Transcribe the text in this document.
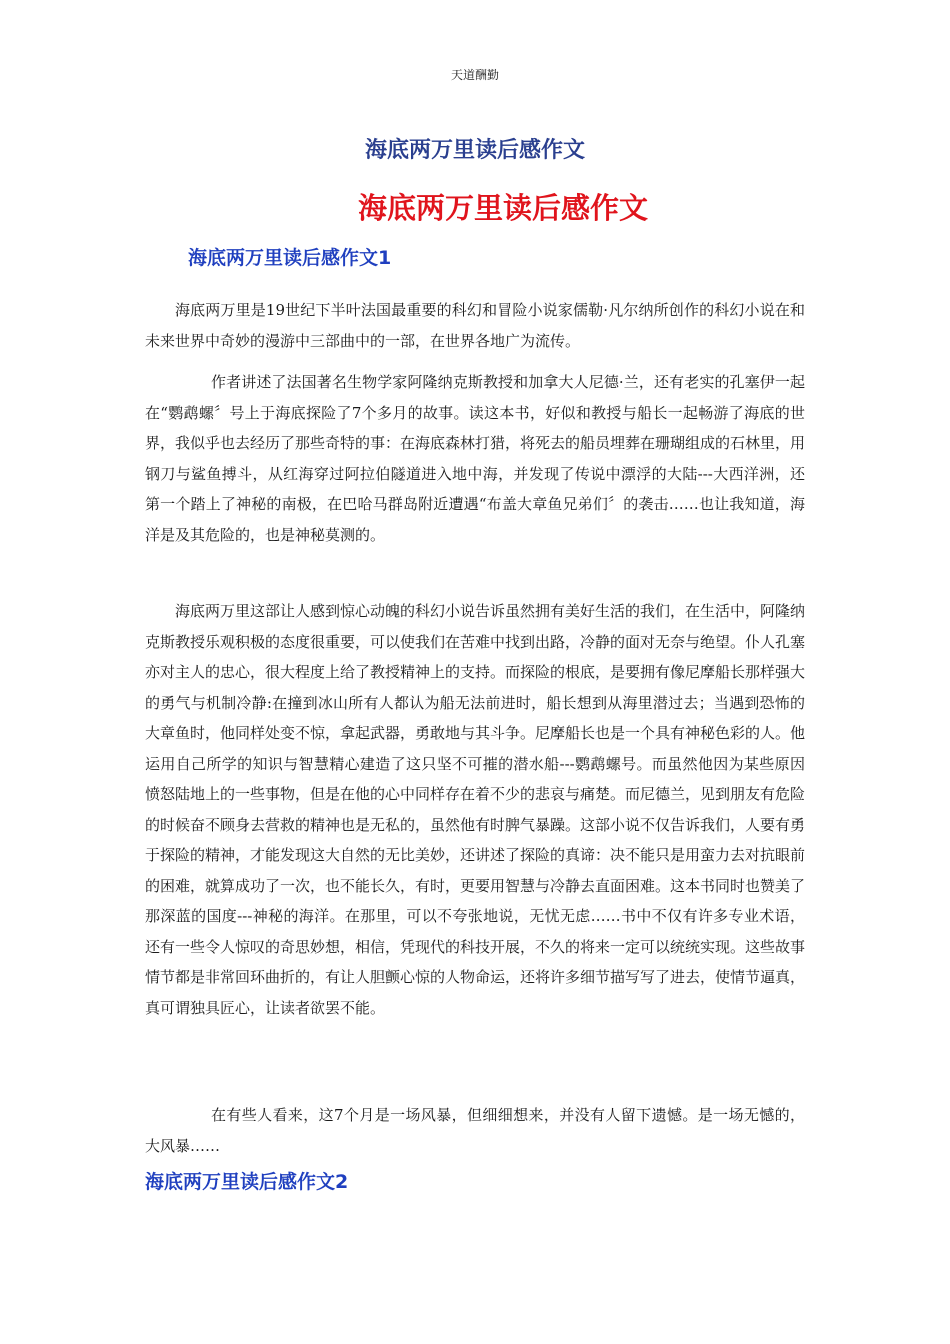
天道酬勤
海底两万里读后感作文
海底两万里读后感作文
海底两万里读后感作文1

海底两万里是19世纪下半叶法国最重要的科幻和冒险小说家儒勒·凡尔纳所创作的科幻小说在和未来世界中奇妙的漫游中三部曲中的一部，在世界各地广为流传。

作者讲述了法国著名生物学家阿隆纳克斯教授和加拿大人尼德·兰，还有老实的孔塞伊一起在“鹦鹉螺〞号上于海底探险了7个多月的故事。读这本书，好似和教授与船长一起畅游了海底的世界，我似乎也去经历了那些奇特的事：在海底森林打猎，将死去的船员埋葬在珊瑚组成的石林里，用钢刀与鲨鱼搏斗，从红海穿过阿拉伯隧道进入地中海，并发现了传说中漂浮的大陆---大西洋洲，还第一个踏上了神秘的南极，在巴哈马群岛附近遭遇“布盖大章鱼兄弟们〞的袭击……也让我知道，海洋是及其危险的，也是神秘莫测的。

海底两万里这部让人感到惊心动魄的科幻小说告诉虽然拥有美好生活的我们，在生活中，阿隆纳克斯教授乐观积极的态度很重要，可以使我们在苦难中找到出路，冷静的面对无奈与绝望。仆人孔塞亦对主人的忠心，很大程度上给了教授精神上的支持。而探险的根底，是要拥有像尼摩船长那样强大的勇气与机制冷静:在撞到冰山所有人都认为船无法前进时，船长想到从海里潜过去；当遇到恐怖的大章鱼时，他同样处变不惊，拿起武器，勇敢地与其斗争。尼摩船长也是一个具有神秘色彩的人。他运用自己所学的知识与智慧精心建造了这只坚不可摧的潜水船---鹦鹉螺号。而虽然他因为某些原因愤怒陆地上的一些事物，但是在他的心中同样存在着不少的悲哀与痛楚。而尼德兰，见到朋友有危险的时候奋不顾身去营救的精神也是无私的，虽然他有时脾气暴躁。这部小说不仅告诉我们，人要有勇于探险的精神，才能发现这大自然的无比美妙，还讲述了探险的真谛：决不能只是用蛮力去对抗眼前的困难，就算成功了一次，也不能长久，有时，更要用智慧与冷静去直面困难。这本书同时也赞美了那深蓝的国度---神秘的海洋。在那里，可以不夸张地说，无忧无虑……书中不仅有许多专业术语，还有一些令人惊叹的奇思妙想，相信，凭现代的科技开展，不久的将来一定可以统统实现。这些故事情节都是非常回环曲折的，有让人胆颤心惊的人物命运，还将许多细节描写写了进去，使情节逼真，真可谓独具匠心，让读者欲罢不能。

在有些人看来，这7个月是一场风暴，但细细想来，并没有人留下遗憾。是一场无憾的，大风暴……

海底两万里读后感作文2
